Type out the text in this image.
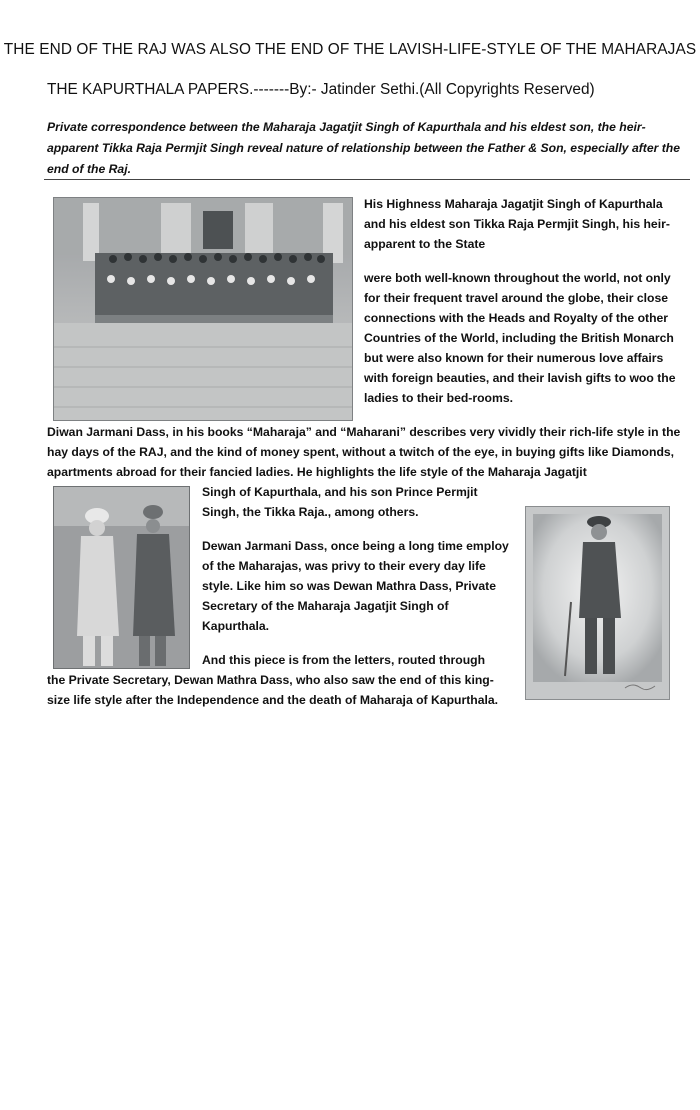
THE END OF THE RAJ WAS ALSO THE END OF THE LAVISH-LIFE-STYLE OF THE MAHARAJAS
THE KAPURTHALA PAPERS.-------By:- Jatinder Sethi.(All Copyrights Reserved)
Private correspondence between the Maharaja Jagatjit Singh of Kapurthala and his eldest son, the heir-apparent Tikka Raja Permjit Singh reveal nature of relationship between the Father & Son, especially after the end of the Raj.
His Highness Maharaja Jagatjit Singh of Kapurthala and his eldest son Tikka Raja Permjit Singh, his heir-apparent to the State
were both well-known throughout the world, not only for their frequent travel around the globe, their close connections with the Heads and Royalty of the other Countries of the World, including the British Monarch but were also known for their numerous love affairs with foreign beauties, and their lavish gifts to woo the ladies to their bed-rooms.
Diwan Jarmani Dass, in his books “Maharaja” and “Maharani” describes very vividly their rich-life style in the hay days of the RAJ, and the kind of money spent, without a twitch of the eye, in buying gifts like Diamonds, apartments abroad for their fancied ladies. He highlights the life style of the Maharaja Jagatjit
Singh of Kapurthala, and his son Prince Permjit Singh, the Tikka Raja., among others.
Dewan Jarmani Dass, once being a long time employ of the Maharajas, was privy to their every day life style. Like him so was Dewan Mathra Dass, Private Secretary of the Maharaja Jagatjit Singh of Kapurthala.
And this piece is from the letters, routed through
the Private Secretary, Dewan Mathra Dass, who also saw the end of this king-size life style after the Independence and the death of Maharaja of Kapurthala.
